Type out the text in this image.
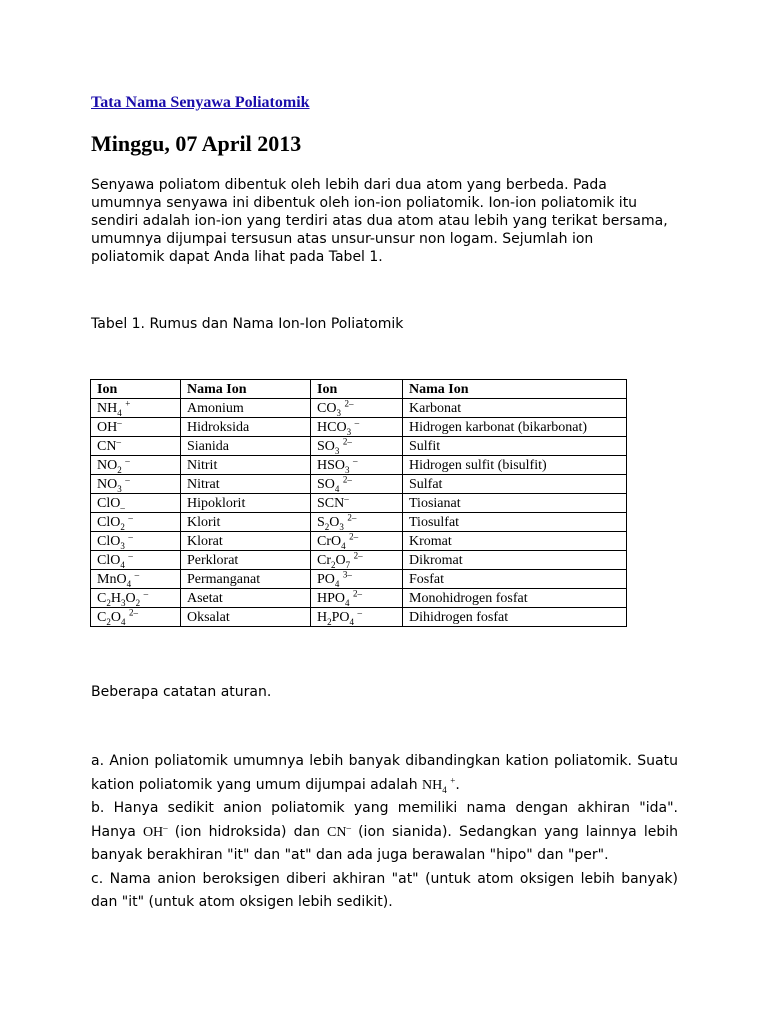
Tata Nama Senyawa Poliatomik
Minggu, 07 April 2013

Senyawa poliatom dibentuk oleh lebih dari dua atom yang berbeda. Pada umumnya senyawa ini dibentuk oleh ion-ion poliatomik. Ion-ion poliatomik itu sendiri adalah ion-ion yang terdiri atas dua atom atau lebih yang terikat bersama, umumnya dijumpai tersusun atas unsur-unsur non logam. Sejumlah ion poliatomik dapat Anda lihat pada Tabel 1.

Tabel 1. Rumus dan Nama Ion-Ion Poliatomik

Ion	Nama Ion	Ion	Nama Ion
$NH_4$ +	Amonium	$CO_3$ $^{2-}$	Karbonat
OH–	Hidroksida	$HCO_3$ –	Hidrogen karbonat (bikarbonat)
CN–	Sianida	$SO_3$ $^{2-}$	Sulfit
$NO_2$ –	Nitrit	$HSO_3$ –	Hidrogen sulfit (bisulfit)
$NO_3$ –	Nitrat	$SO_4$ $^{2-}$	Sulfat
ClO$_-$	Hipoklorit	SCN–	Tiosianat
ClO$_2$ –	Klorit	$S_2O_3$ $^{2-}$	Tiosulfat
ClO$_3$ –	Klorat	CrO$_4$ $^{2-}$	Kromat
ClO$_4$ –	Perklorat	$Cr_2O_7$ $^{2-}$	Dikromat
MnO$_4$ –	Permanganat	$PO_4$ $^{3-}$	Fosfat
$C_2H_3O_2$ –	Asetat	$HPO_4$ $^{2-}$	Monohidrogen fosfat
$C_2O_4$ $^{2-}$	Oksalat	$H_2PO_4$ –	Dihidrogen fosfat

Beberapa catatan aturan.

a. Anion poliatomik umumnya lebih banyak dibandingkan kation poliatomik. Suatu kation poliatomik yang umum dijumpai adalah $NH_4$ +.

b. Hanya sedikit anion poliatomik yang memiliki nama dengan akhiran "ida". Hanya OH– (ion hidroksida) dan CN– (ion sianida). Sedangkan yang lainnya lebih banyak berakhiran "it" dan "at" dan ada juga berawalan "hipo" dan "per".

c. Nama anion beroksigen diberi akhiran "at" (untuk atom oksigen lebih banyak) dan "it" (untuk atom oksigen lebih sedikit).
